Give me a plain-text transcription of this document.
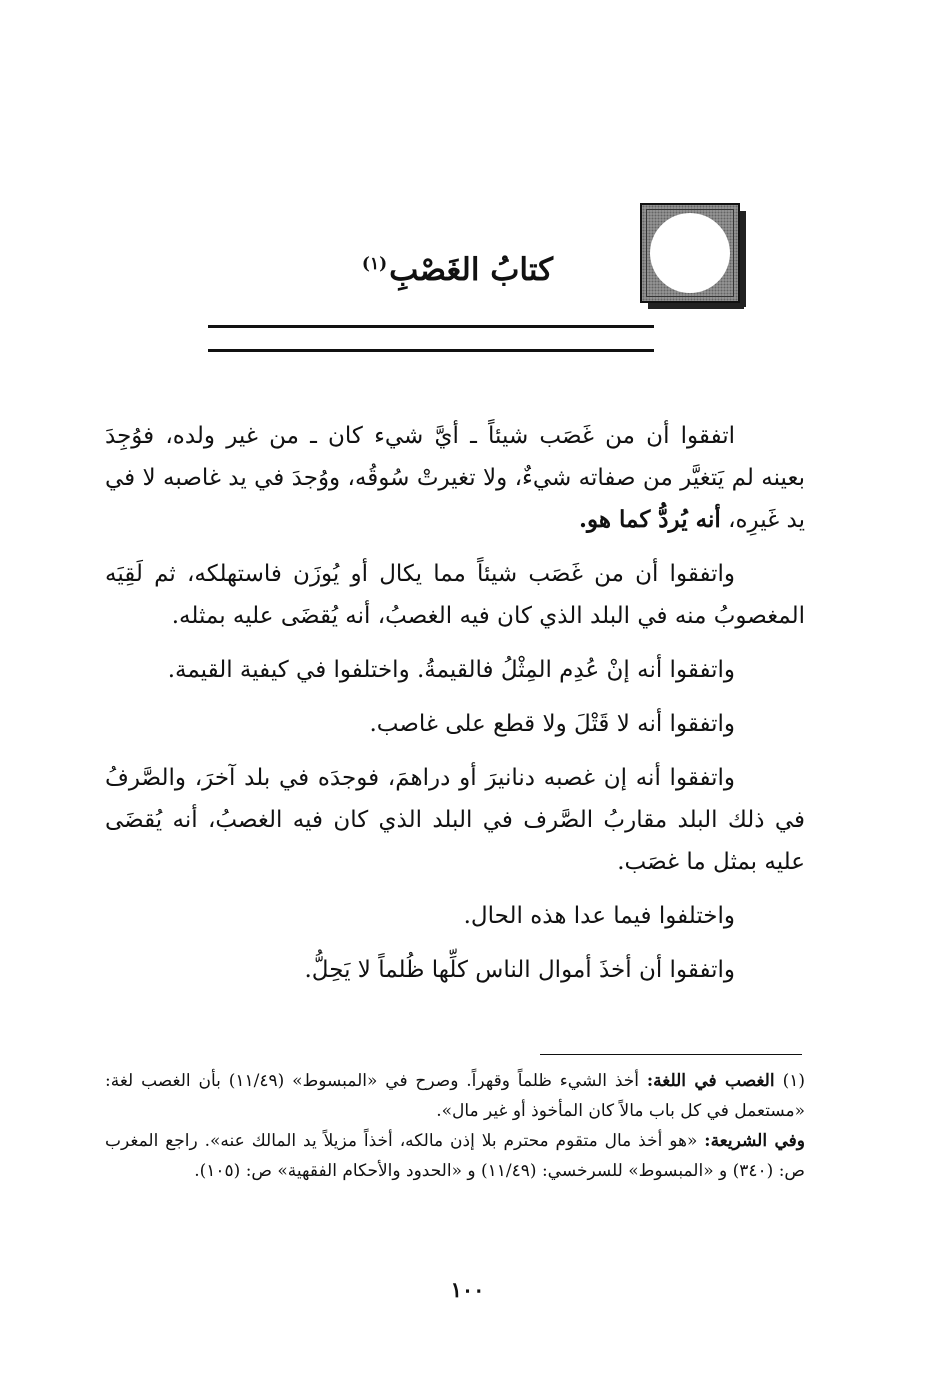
كتابُ الغَصْبِ$^{(١)}$

اتفقوا أن من غَصَب شيئاً ـ أيَّ شيء كان ـ من غير ولده، فوُجِدَ بعينه لم يَتغيَّر من صفاته شيءٌ، ولا تغيرتْ سُوقُه، ووُجدَ في يد غاصبه لا في يد غَيرِه، أنه يُردُّ كما هو.

واتفقوا أن من غَصَب شيئاً مما يكال أو يُوزَن فاستهلكه، ثم لَقِيَه المغصوبُ منه في البلد الذي كان فيه الغصبُ، أنه يُقضَى عليه بمثله.

واتفقوا أنه إنْ عُدِم المِثْلُ فالقيمةُ. واختلفوا في كيفية القيمة.

واتفقوا أنه لا قَتْلَ ولا قطع على غاصب.

واتفقوا أنه إن غصبه دنانيرَ أو دراهمَ، فوجدَه في بلد آخرَ، والصَّرفُ في ذلك البلد مقاربُ الصَّرف في البلد الذي كان فيه الغصبُ، أنه يُقضَى عليه بمثل ما غصَب.

واختلفوا فيما عدا هذه الحال.

واتفقوا أن أخذَ أموال الناس كلِّها ظُلماً لا يَحِلُّ.

(١)الغصب في اللغة: أخذ الشيء ظلماً وقهراً. وصرح في «المبسوط» (١١/٤٩) بأن الغصب لغة: «مستعمل في كل باب مالاً كان المأخوذ أو غير مال».

وفي الشريعة: «هو أخذ مال متقوم محترم بلا إذن مالكه، أخذاً مزيلاً يد المالك عنه». راجع المغرب ص: (٣٤٠) و «المبسوط» للسرخسي: (١١/٤٩) و «الحدود والأحكام الفقهية» ص: (١٠٥).

١٠٠
